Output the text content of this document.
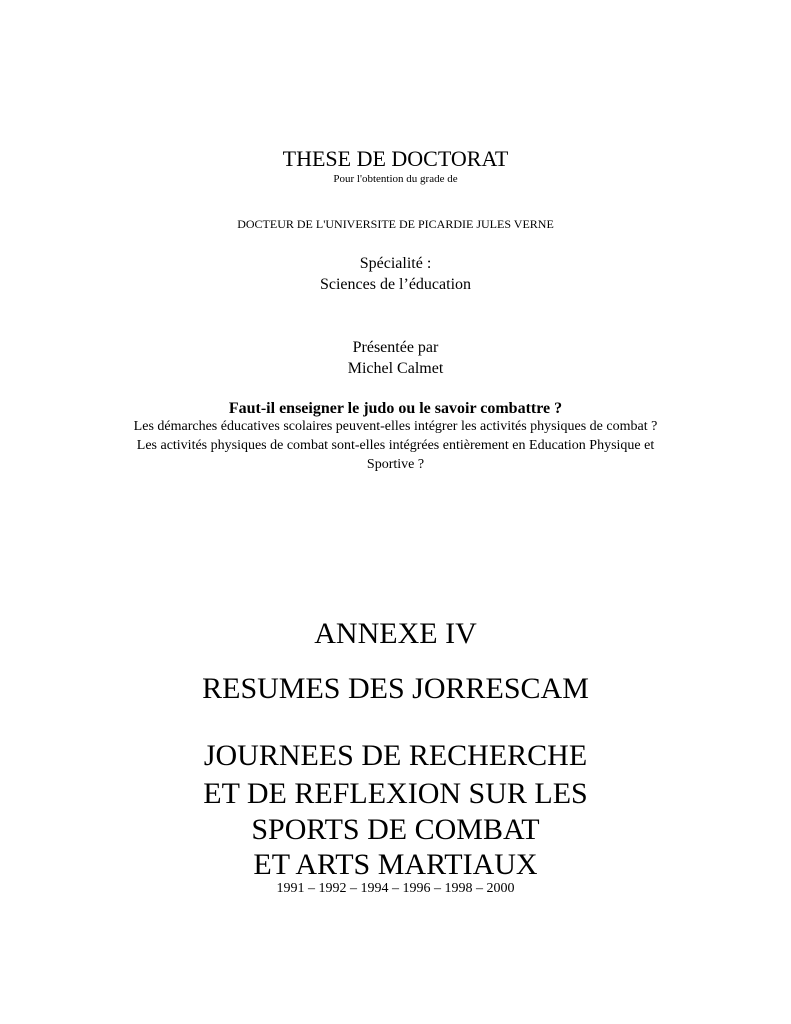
THESE DE DOCTORAT
Pour l'obtention du grade de
DOCTEUR DE L'UNIVERSITE DE PICARDIE JULES VERNE
Spécialité :
Sciences de l’éducation
Présentée par
Michel Calmet
Faut-il enseigner le judo ou le savoir combattre ?
Les démarches éducatives scolaires peuvent-elles intégrer les activités physiques de combat ?
Les activités physiques de combat sont-elles intégrées entièrement en Education Physique et
Sportive ?
ANNEXE IV
RESUMES DES JORRESCAM
JOURNEES DE RECHERCHE
ET DE REFLEXION SUR LES
SPORTS DE COMBAT
ET ARTS MARTIAUX
1991 – 1992 – 1994 – 1996 – 1998 – 2000
